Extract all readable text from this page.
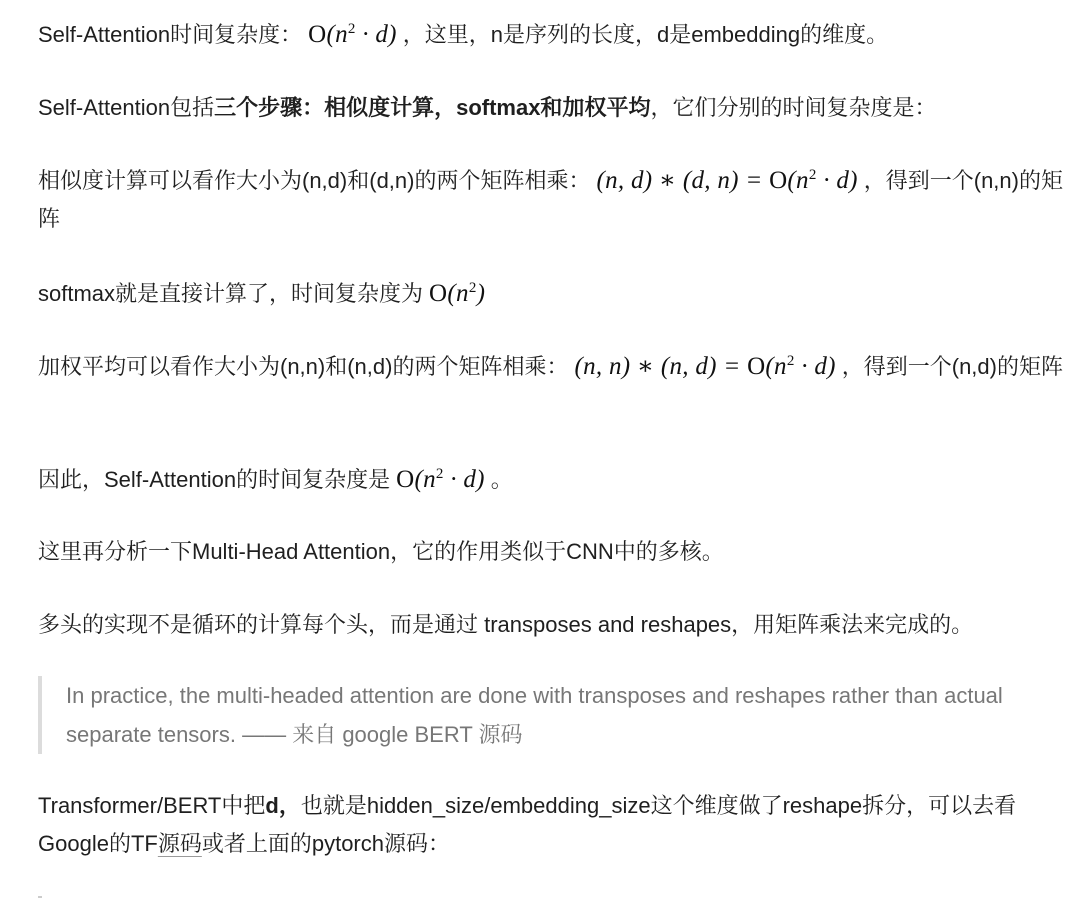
Self-Attention时间复杂度： $O(n^2 \cdot d)$ ，这里，n是序列的长度，d是embedding的维度。
Self-Attention包括三个步骤：相似度计算，softmax和加权平均，它们分别的时间复杂度是：
相似度计算可以看作大小为(n,d)和(d,n)的两个矩阵相乘： (n, d) ∗ (d, $n) = O(n^2 \cdot d)$ ，得到一个(n,n)的矩阵
softmax就是直接计算了，时间复杂度为 $O(n^2)$
加权平均可以看作大小为(n,n)和(n,d)的两个矩阵相乘： (n, n) ∗ (n, $d) = O(n^2 \cdot d)$ ，得到一个(n,d)的矩阵
因此，Self-Attention的时间复杂度是 $O(n^2 \cdot d)$ 。
这里再分析一下Multi-Head Attention，它的作用类似于CNN中的多核。
多头的实现不是循环的计算每个头，而是通过 transposes and reshapes，用矩阵乘法来完成的。
In practice, the multi-headed attention are done with transposes and reshapes rather than actual separate tensors. —— 来自 google BERT 源码
Transformer/BERT中把d，也就是hidden_size/embedding_size这个维度做了reshape拆分，可以去看Google的TF源码或者上面的pytorch源码：
